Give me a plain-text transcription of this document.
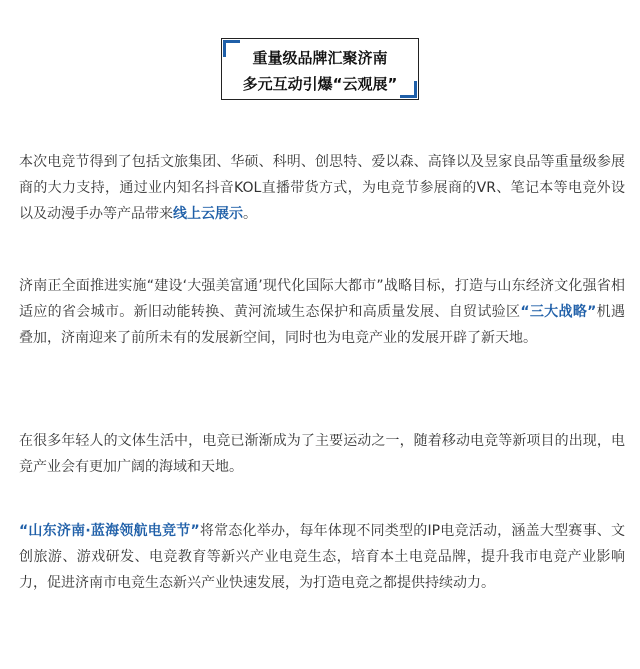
重量级品牌汇聚济南
多元互动引爆“云观展”

本次电竞节得到了包括文旅集团、华硕、科明、创思特、爱以森、高锋以及昱家良品等重量级参展商的大力支持，通过业内知名抖音KOL直播带货方式，为电竞节参展商的VR、笔记本等电竞外设以及动漫手办等产品带来线上云展示。

济南正全面推进实施“建设‘大强美富通’现代化国际大都市”战略目标，打造与山东经济文化强省相适应的省会城市。新旧动能转换、黄河流域生态保护和高质量发展、自贸试验区“三大战略”机遇叠加，济南迎来了前所未有的发展新空间，同时也为电竞产业的发展开辟了新天地。

在很多年轻人的文体生活中，电竞已渐渐成为了主要运动之一，随着移动电竞等新项目的出现，电竞产业会有更加广阔的海域和天地。

“山东济南·蓝海领航电竞节”将常态化举办，每年体现不同类型的IP电竞活动，涵盖大型赛事、文创旅游、游戏研发、电竞教育等新兴产业电竞生态，培育本土电竞品牌，提升我市电竞产业影响力，促进济南市电竞生态新兴产业快速发展，为打造电竞之都提供持续动力。
